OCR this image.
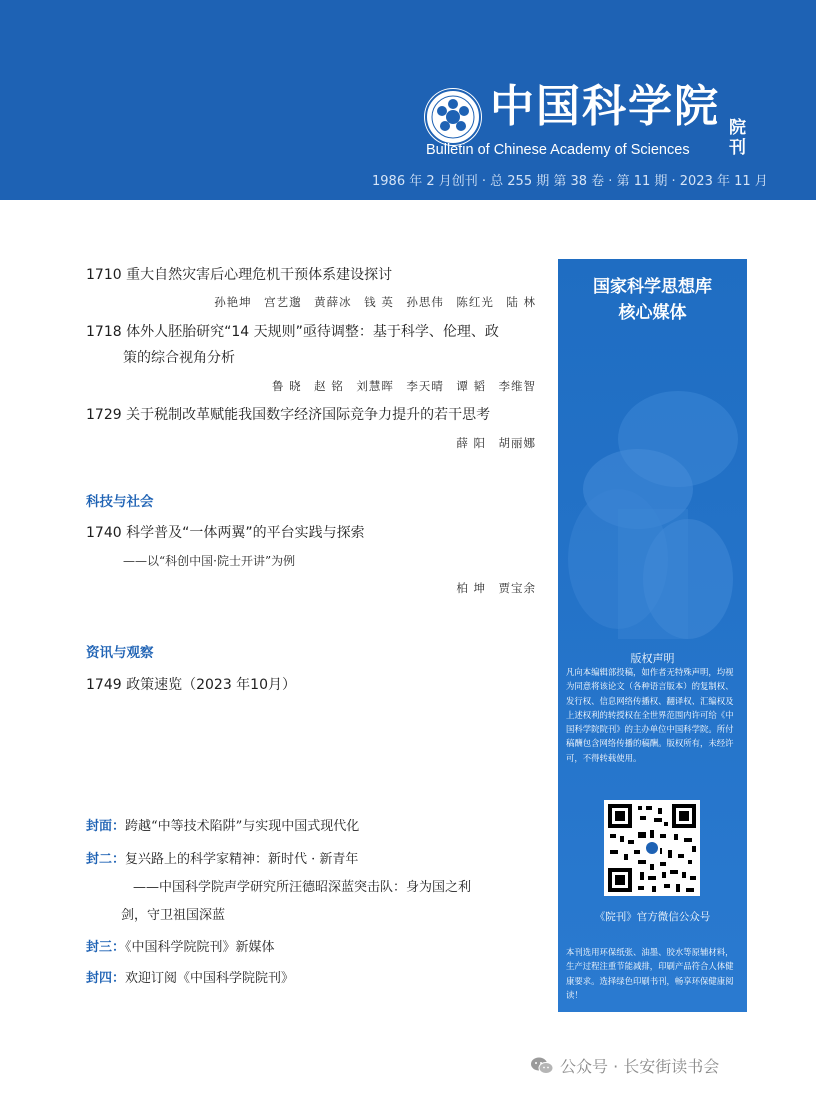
中国科学院 院刊
Bulletin of Chinese Academy of Sciences
1986 年 2 月创刊 · 总 255 期 第 38 卷 · 第 11 期 · 2023 年 11 月
1710 重大自然灾害后心理危机干预体系建设探讨
孙艳坤　宫艺邈　黄薛冰　钱 英　孙思伟　陈红光　陆 林
1718 体外人胚胎研究“14 天规则”亟待调整：基于科学、伦理、政
策的综合视角分析
鲁 晓　赵 铭　刘慧晖　李天晴　谭 韬　李维智
1729 关于税制改革赋能我国数字经济国际竞争力提升的若干思考
薛 阳　胡丽娜
科技与社会
1740 科学普及“一体两翼”的平台实践与探索
——以“科创中国·院士开讲”为例
柏 坤　贾宝余
资讯与观察
1749 政策速览（2023 年10月）
封面：跨越“中等技术陷阱”与实现中国式现代化
封二：复兴路上的科学家精神：新时代 · 新青年
——中国科学院声学研究所汪德昭深蓝突击队：身为国之利
剑，守卫祖国深蓝
封三：《中国科学院院刊》新媒体
封四：欢迎订阅《中国科学院院刊》
国家科学思想库
核心媒体
版权声明
凡向本编辑部投稿，如作者无特殊声明，均视为同意将该论文（各种语言版本）的复制权、发行权、信息网络传播权、翻译权、汇编权及上述权利的转授权在全世界范围内许可给《中国科学院院刊》的主办单位中国科学院。所付稿酬包含网络传播的稿酬。版权所有，未经许可，不得转载使用。
《院刊》官方微信公众号
本刊选用环保纸张、油墨、胶水等原辅材料，生产过程注重节能减排，印刷产品符合人体健康要求。选择绿色印刷书刊，畅享环保健康阅读！
公众号 · 长安街读书会
